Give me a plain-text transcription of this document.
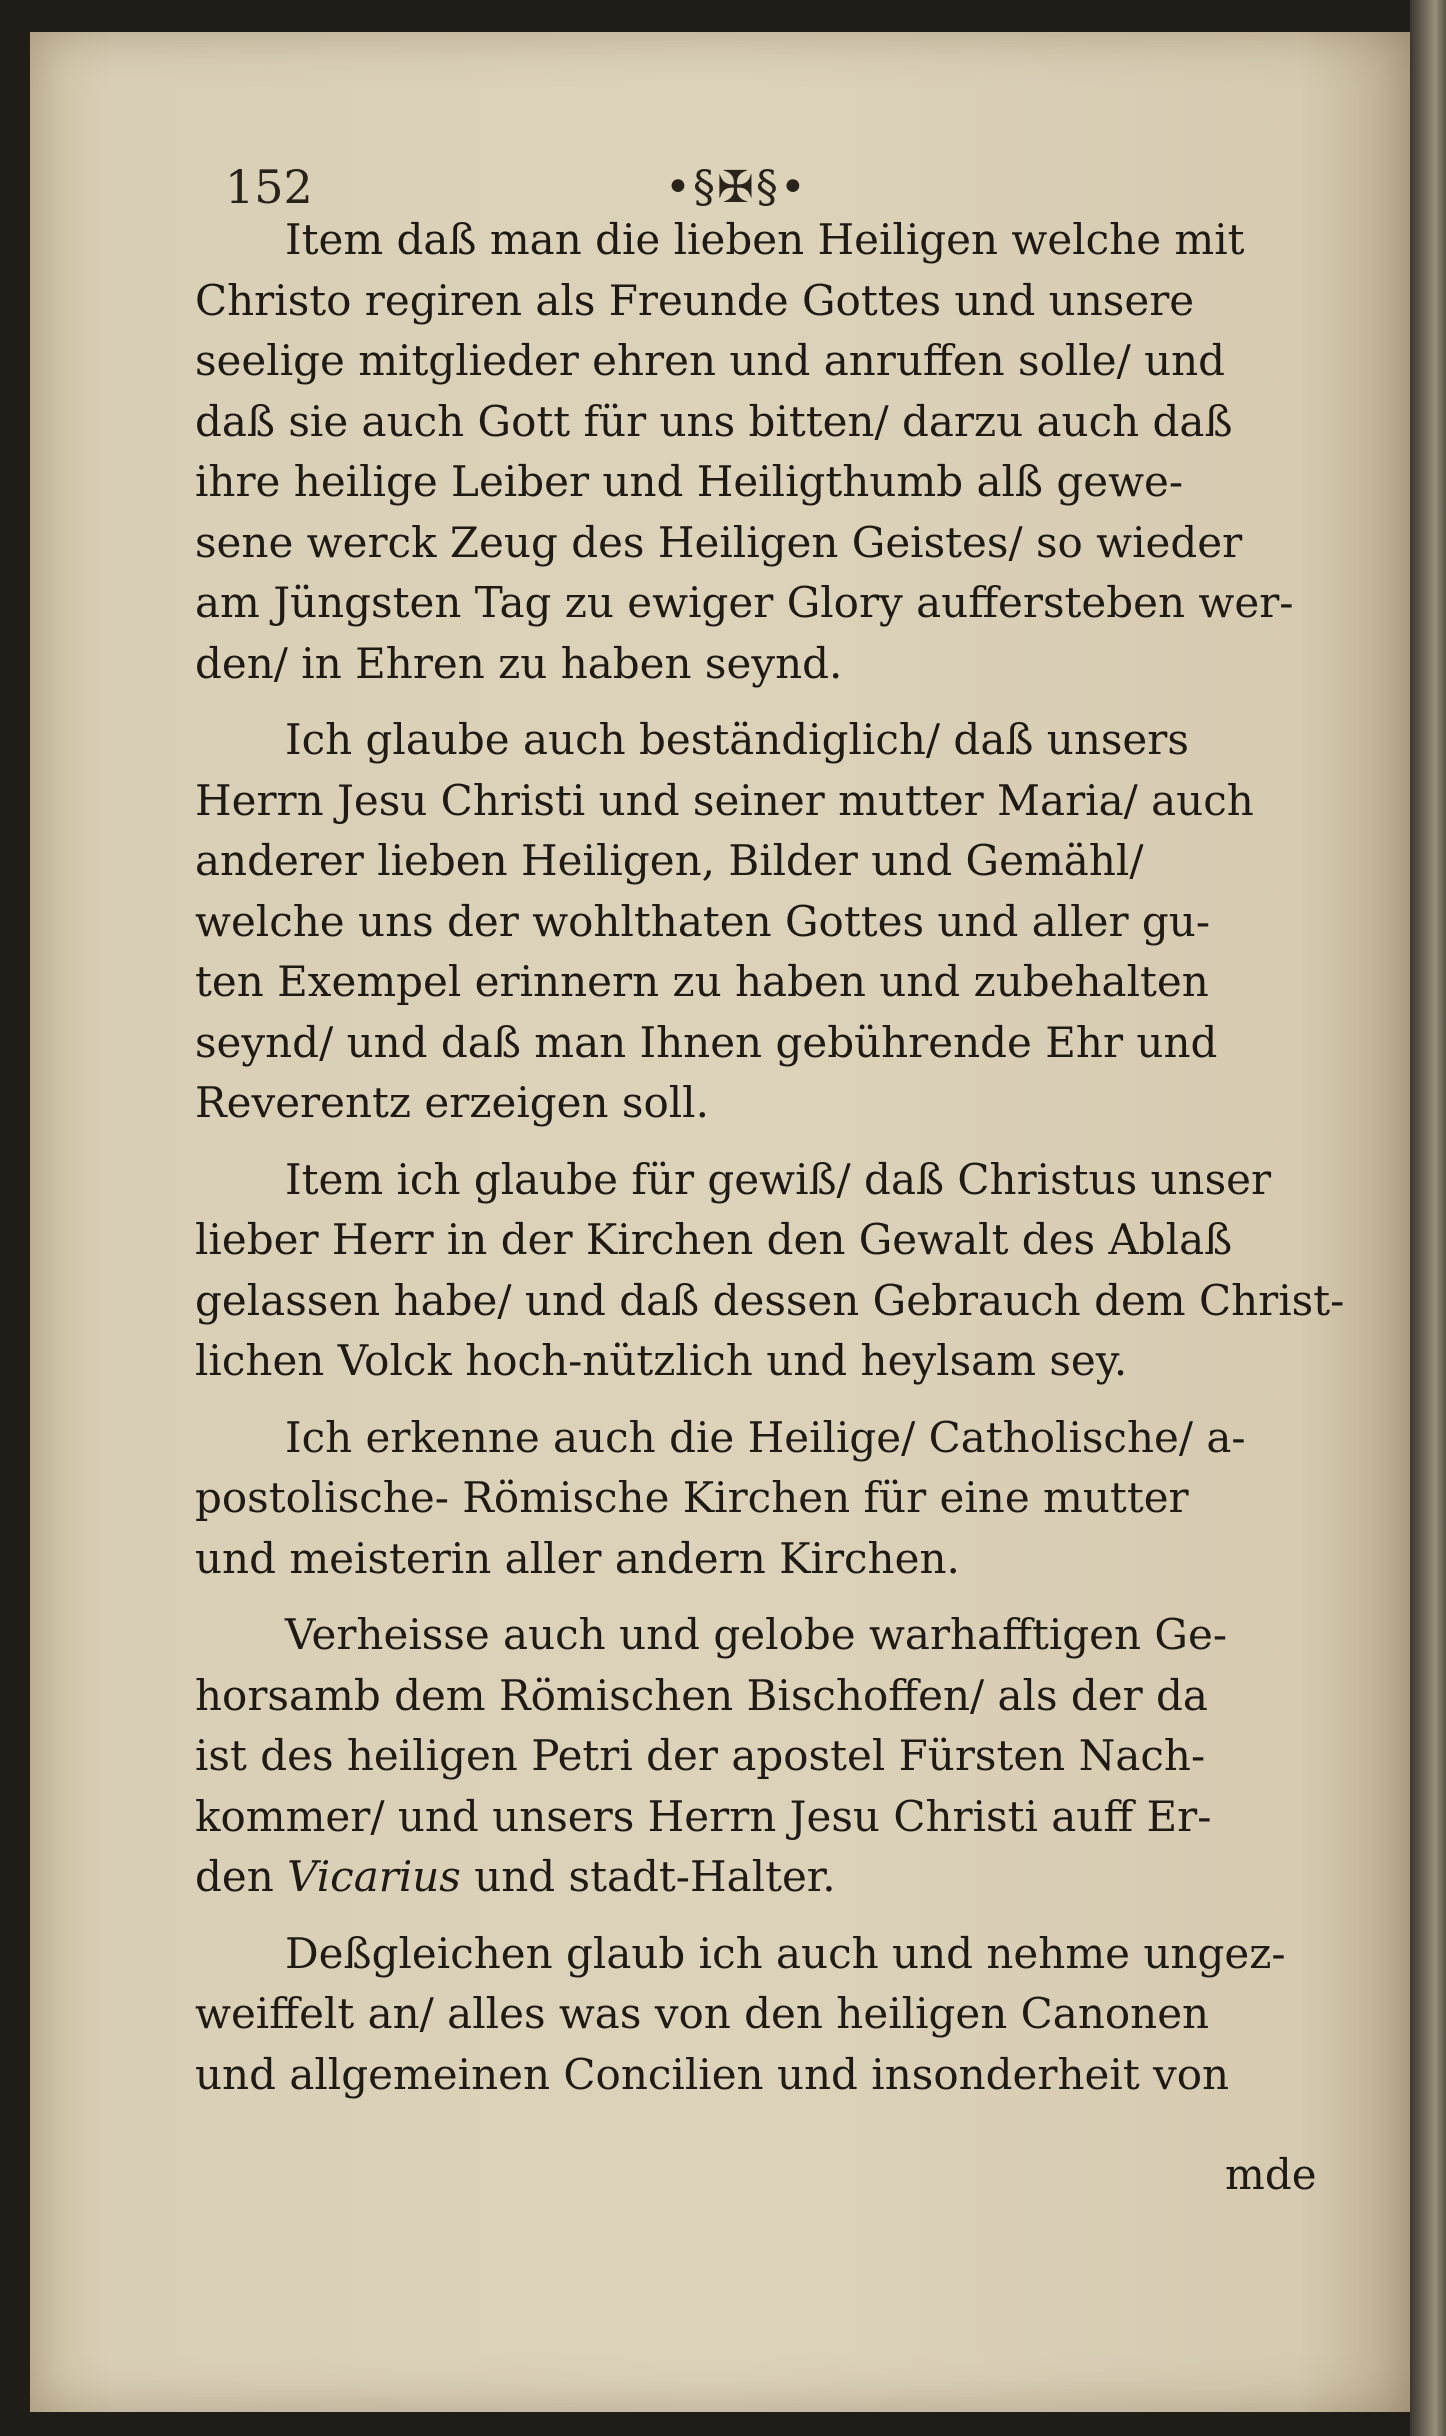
152	•§✠§•
Item daß man die lieben Heiligen welche mit
Christo regiren als Freunde Gottes und unsere
seelige mitglieder ehren und anruffen solle/ und
daß sie auch Gott für uns bitten/ darzu auch daß
ihre heilige Leiber und Heiligthumb alß gewe-
sene werck Zeug des Heiligen Geistes/ so wieder
am Jüngsten Tag zu ewiger Glory auffersteben wer-
den/ in Ehren zu haben seynd.
Ich glaube auch beständiglich/ daß unsers
Herrn Jesu Christi und seiner mutter Maria/ auch
anderer lieben Heiligen, Bilder und Gemähl/
welche uns der wohlthaten Gottes und aller gu-
ten Exempel erinnern zu haben und zubehalten
seynd/ und daß man Ihnen gebührende Ehr und
Reverentz erzeigen soll.
Item ich glaube für gewiß/ daß Christus unser
lieber Herr in der Kirchen den Gewalt des Ablaß
gelassen habe/ und daß dessen Gebrauch dem Christ-
lichen Volck hoch-nützlich und heylsam sey.
Ich erkenne auch die Heilige/ Catholische/ a-
postolische- Römische Kirchen für eine mutter
und meisterin aller andern Kirchen.
Verheisse auch und gelobe warhafftigen Ge-
horsamb dem Römischen Bischoffen/ als der da
ist des heiligen Petri der apostel Fürsten Nach-
kommer/ und unsers Herrn Jesu Christi auff Er-
den Vicarius und stadt-Halter.
Deßgleichen glaub ich auch und nehme ungez-
weiffelt an/ alles was von den heiligen Canonen
und allgemeinen Concilien und insonderheit von
mde
